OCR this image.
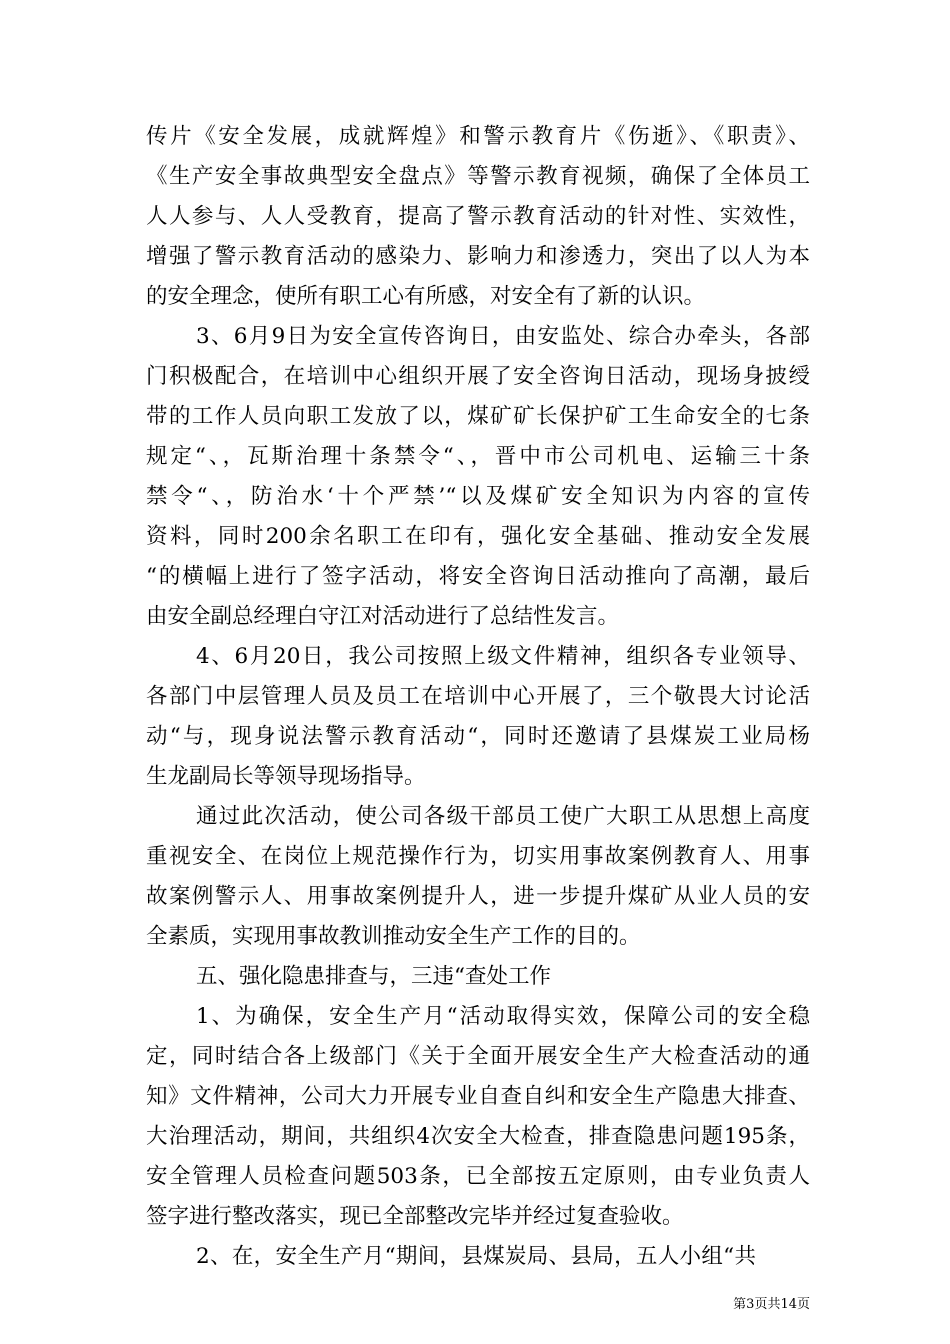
传片《安全发展，成就辉煌》和警示教育片《伤逝》、《职责》、
《生产安全事故典型安全盘点》等警示教育视频，确保了全体员工
人人参与、人人受教育，提高了警示教育活动的针对性、实效性，
增强了警示教育活动的感染力、影响力和渗透力，突出了以人为本
的安全理念，使所有职工心有所感，对安全有了新的认识。
3、6月9日为安全宣传咨询日，由安监处、综合办牵头，各部
门积极配合，在培训中心组织开展了安全咨询日活动，现场身披绶
带的工作人员向职工发放了以，煤矿矿长保护矿工生命安全的七条
规定“、，瓦斯治理十条禁令“、，晋中市公司机电、运输三十条
禁令“、，防治水‘十个严禁’“以及煤矿安全知识为内容的宣传
资料，同时200余名职工在印有，强化安全基础、推动安全发展
“的横幅上进行了签字活动，将安全咨询日活动推向了高潮，最后
由安全副总经理白守江对活动进行了总结性发言。
4、6月20日，我公司按照上级文件精神，组织各专业领导、
各部门中层管理人员及员工在培训中心开展了，三个敬畏大讨论活
动“与，现身说法警示教育活动“，同时还邀请了县煤炭工业局杨
生龙副局长等领导现场指导。
通过此次活动，使公司各级干部员工使广大职工从思想上高度
重视安全、在岗位上规范操作行为，切实用事故案例教育人、用事
故案例警示人、用事故案例提升人，进一步提升煤矿从业人员的安
全素质，实现用事故教训推动安全生产工作的目的。
五、强化隐患排查与，三违“查处工作
1、为确保，安全生产月“活动取得实效，保障公司的安全稳
定，同时结合各上级部门《关于全面开展安全生产大检查活动的通
知》文件精神，公司大力开展专业自查自纠和安全生产隐患大排查、
大治理活动，期间，共组织4次安全大检查，排查隐患问题195条，
安全管理人员检查问题503条，已全部按五定原则，由专业负责人
签字进行整改落实，现已全部整改完毕并经过复查验收。
2、在，安全生产月“期间，县煤炭局、县局，五人小组“共
第3页共14页
